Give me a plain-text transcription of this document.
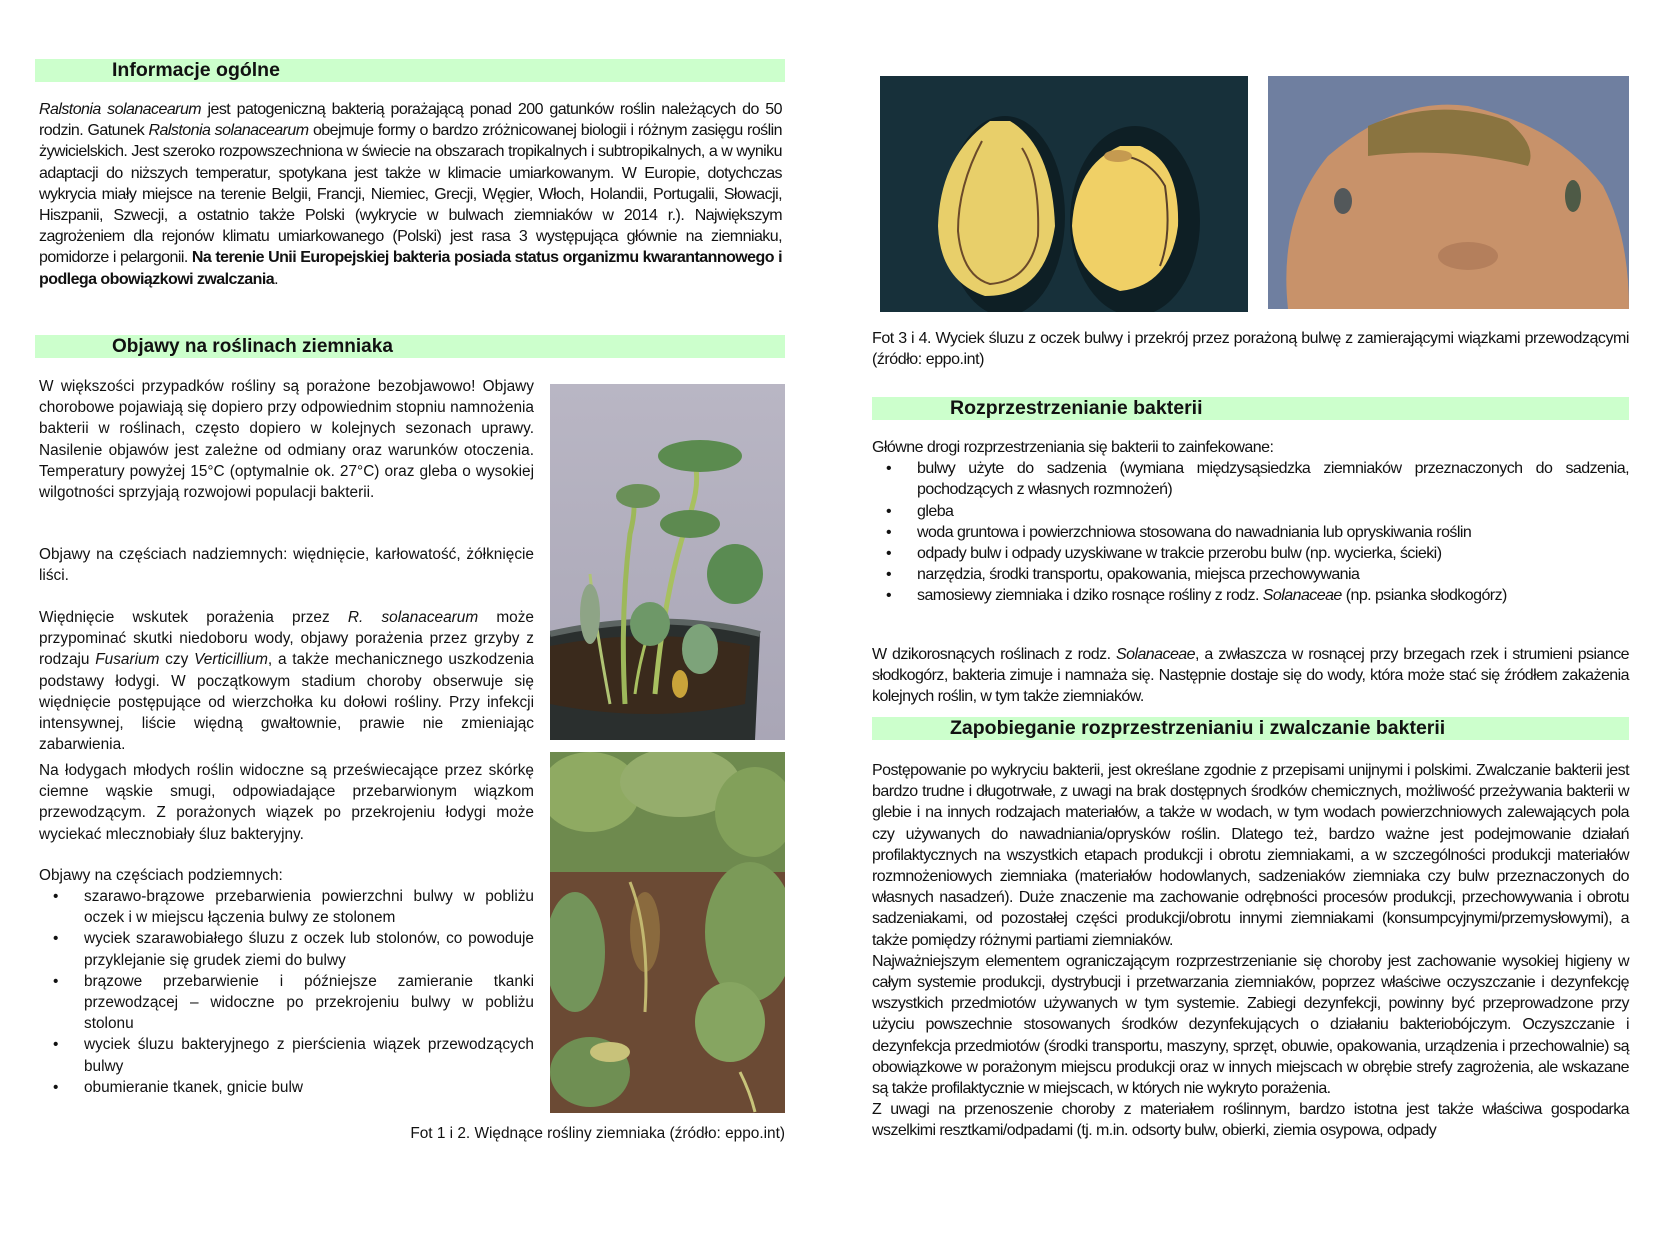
Informacje ogólne
Ralstonia solanacearum jest patogeniczną bakterią porażającą ponad 200 gatunków roślin należących do 50 rodzin. Gatunek Ralstonia solanacearum obejmuje formy o bardzo zróżnicowanej biologii i różnym zasięgu roślin żywicielskich. Jest szeroko rozpowszechniona w świecie na obszarach tropikalnych i subtropikalnych, a w wyniku adaptacji do niższych temperatur, spotykana jest także w klimacie umiarkowanym. W Europie, dotychczas wykrycia miały miejsce na terenie Belgii, Francji, Niemiec, Grecji, Węgier, Włoch, Holandii, Portugalii, Słowacji, Hiszpanii, Szwecji, a ostatnio także Polski (wykrycie w bulwach ziemniaków w 2014 r.). Największym zagrożeniem dla rejonów klimatu umiarkowanego (Polski) jest rasa 3 występująca głównie na ziemniaku, pomidorze i pelargonii. Na terenie Unii Europejskiej bakteria posiada status organizmu kwarantannowego i podlega obowiązkowi zwalczania.
Objawy na roślinach ziemniaka
W większości przypadków rośliny są porażone bezobjawowo! Objawy chorobowe pojawiają się dopiero przy odpowiednim stopniu namnożenia bakterii w roślinach, często dopiero w kolejnych sezonach uprawy. Nasilenie objawów jest zależne od odmiany oraz warunków otoczenia. Temperatury powyżej 15°C (optymalnie ok. 27°C) oraz gleba o wysokiej wilgotności sprzyjają rozwojowi populacji bakterii.
Objawy na częściach nadziemnych: więdnięcie, karłowatość, żółknięcie liści.
Więdnięcie wskutek porażenia przez R. solanacearum może przypominać skutki niedoboru wody, objawy porażenia przez grzyby z rodzaju Fusarium czy Verticillium, a także mechanicznego uszkodzenia podstawy łodygi. W początkowym stadium choroby obserwuje się więdnięcie postępujące od wierzchołka ku dołowi rośliny. Przy infekcji intensywnej, liście więdną gwałtownie, prawie nie zmieniając zabarwienia.
Na łodygach młodych roślin widoczne są przeświecające przez skórkę ciemne wąskie smugi, odpowiadające przebarwionym wiązkom przewodzącym. Z porażonych wiązek po przekrojeniu łodygi może wyciekać mlecznobiały śluz bakteryjny.
Objawy na częściach podziemnych:
• szarawo-brązowe przebarwienia powierzchni bulwy w pobliżu oczek i w miejscu łączenia bulwy ze stolonem
• wyciek szarawobiałego śluzu z oczek lub stolonów, co powoduje przyklejanie się grudek ziemi do bulwy
• brązowe przebarwienie i późniejsze zamieranie tkanki przewodzącej – widoczne po przekrojeniu bulwy w pobliżu stolonu
• wyciek śluzu bakteryjnego z pierścienia wiązek przewodzących bulwy
• obumieranie tkanek, gnicie bulw
Fot 1 i 2. Więdnące rośliny ziemniaka (źródło: eppo.int)
Fot 3 i 4. Wyciek śluzu z oczek bulwy i przekrój przez porażoną bulwę z zamierającymi wiązkami przewodzącymi (źródło: eppo.int)
Rozprzestrzenianie bakterii
Główne drogi rozprzestrzeniania się bakterii to zainfekowane:
• bulwy użyte do sadzenia (wymiana międzysąsiedzka ziemniaków przeznaczonych do sadzenia, pochodzących z własnych rozmnożeń)
• gleba
• woda gruntowa i powierzchniowa stosowana do nawadniania lub opryskiwania roślin
• odpady bulw i odpady uzyskiwane w trakcie przerobu bulw (np. wycierka, ścieki)
• narzędzia, środki transportu, opakowania, miejsca przechowywania
• samosiewy ziemniaka i dziko rosnące rośliny z rodz. Solanaceae (np. psianka słodkogórz)
W dzikorosnących roślinach z rodz. Solanaceae, a zwłaszcza w rosnącej przy brzegach rzek i strumieni psiance słodkogórz, bakteria zimuje i namnaża się. Następnie dostaje się do wody, która może stać się źródłem zakażenia kolejnych roślin, w tym także ziemniaków.
Zapobieganie rozprzestrzenianiu i zwalczanie bakterii
Postępowanie po wykryciu bakterii, jest określane zgodnie z przepisami unijnymi i polskimi. Zwalczanie bakterii jest bardzo trudne i długotrwałe, z uwagi na brak dostępnych środków chemicznych, możliwość przeżywania bakterii w glebie i na innych rodzajach materiałów, a także w wodach, w tym wodach powierzchniowych zalewających pola czy używanych do nawadniania/oprysków roślin. Dlatego też, bardzo ważne jest podejmowanie działań profilaktycznych na wszystkich etapach produkcji i obrotu ziemniakami, a w szczególności produkcji materiałów rozmnożeniowych ziemniaka (materiałów hodowlanych, sadzeniaków ziemniaka czy bulw przeznaczonych do własnych nasadzeń). Duże znaczenie ma zachowanie odrębności procesów produkcji, przechowywania i obrotu sadzeniakami, od pozostałej części produkcji/obrotu innymi ziemniakami (konsumpcyjnymi/przemysłowymi), a także pomiędzy różnymi partiami ziemniaków.
Najważniejszym elementem ograniczającym rozprzestrzenianie się choroby jest zachowanie wysokiej higieny w całym systemie produkcji, dystrybucji i przetwarzania ziemniaków, poprzez właściwe oczyszczanie i dezynfekcję wszystkich przedmiotów używanych w tym systemie. Zabiegi dezynfekcji, powinny być przeprowadzone przy użyciu powszechnie stosowanych środków dezynfekujących o działaniu bakteriobójczym. Oczyszczanie i dezynfekcja przedmiotów (środki transportu, maszyny, sprzęt, obuwie, opakowania, urządzenia i przechowalnie) są obowiązkowe w porażonym miejscu produkcji oraz w innych miejscach w obrębie strefy zagrożenia, ale wskazane są także profilaktycznie w miejscach, w których nie wykryto porażenia.
Z uwagi na przenoszenie choroby z materiałem roślinnym, bardzo istotna jest także właściwa gospodarka wszelkimi resztkami/odpadami (tj. m.in. odsorty bulw, obierki, ziemia osypowa, odpady
